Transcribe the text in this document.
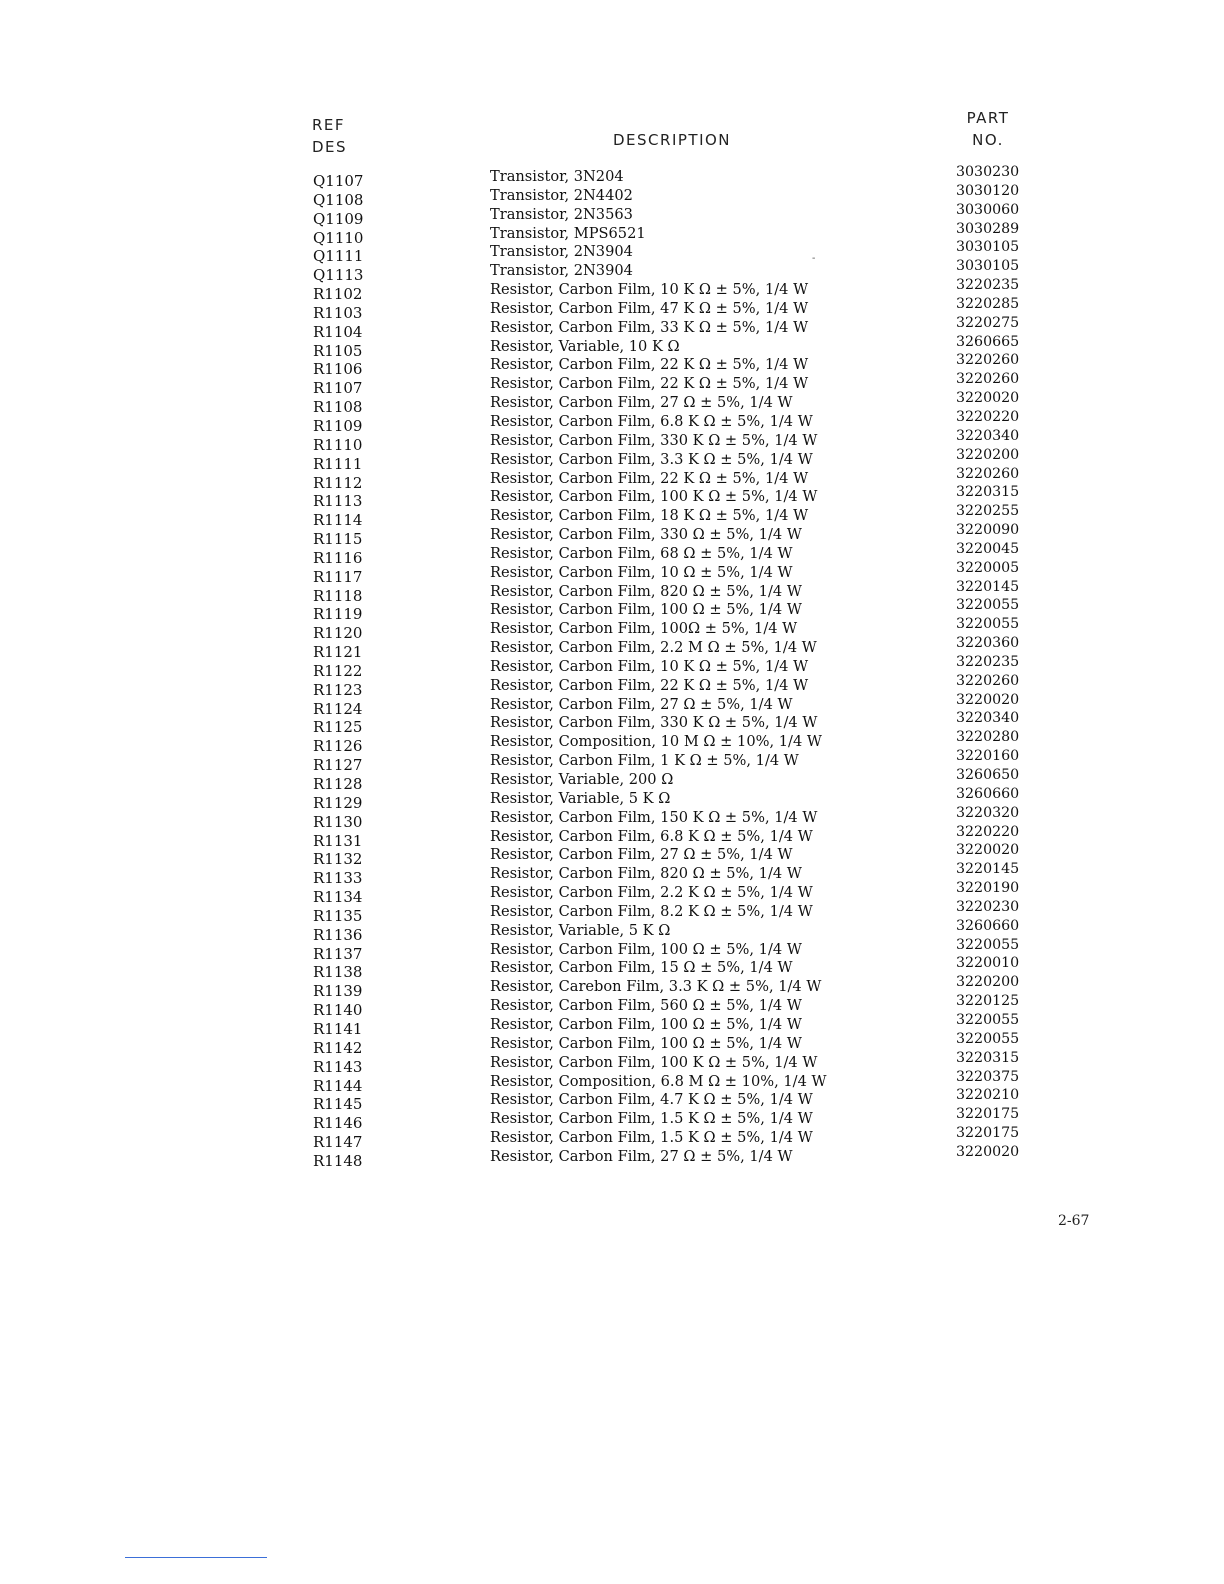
REF
DES	DESCRIPTION
PART
NO.
-
Q1107	Transistor, 3N204	3030230
Q1108	Transistor, 2N4402	3030120
Q1109	Transistor, 2N3563	3030060
Q1110	Transistor, MPS6521	3030289
Q1111	Transistor, 2N3904	3030105
Q1113	Transistor, 2N3904	3030105
R1102	Resistor, Carbon Film, 10 K Ω ± 5%, 1/4 W	3220235
R1103	Resistor, Carbon Film, 47 K Ω ± 5%, 1/4 W	3220285
R1104	Resistor, Carbon Film, 33 K Ω ± 5%, 1/4 W	3220275
R1105	Resistor, Variable, 10 K Ω	3260665
R1106	Resistor, Carbon Film, 22 K Ω ± 5%, 1/4 W	3220260
R1107	Resistor, Carbon Film, 22 K Ω ± 5%, 1/4 W	3220260
R1108	Resistor, Carbon Film, 27 Ω ± 5%, 1/4 W	3220020
R1109	Resistor, Carbon Film, 6.8 K Ω ± 5%, 1/4 W	3220220
R1110	Resistor, Carbon Film, 330 K Ω ± 5%, 1/4 W	3220340
R1111	Resistor, Carbon Film, 3.3 K Ω ± 5%, 1/4 W	3220200
R1112	Resistor, Carbon Film, 22 K Ω ± 5%, 1/4 W	3220260
R1113	Resistor, Carbon Film, 100 K Ω ± 5%, 1/4 W	3220315
R1114	Resistor, Carbon Film, 18 K Ω ± 5%, 1/4 W	3220255
R1115	Resistor, Carbon Film, 330 Ω ± 5%, 1/4 W	3220090
R1116	Resistor, Carbon Film, 68 Ω ± 5%, 1/4 W	3220045
R1117	Resistor, Carbon Film, 10 Ω ± 5%, 1/4 W	3220005
R1118	Resistor, Carbon Film, 820 Ω ± 5%, 1/4 W	3220145
R1119	Resistor, Carbon Film, 100 Ω ± 5%, 1/4 W	3220055
R1120	Resistor, Carbon Film, 100Ω ± 5%, 1/4 W	3220055
R1121	Resistor, Carbon Film, 2.2 M Ω ± 5%, 1/4 W	3220360
R1122	Resistor, Carbon Film, 10 K Ω ± 5%, 1/4 W	3220235
R1123	Resistor, Carbon Film, 22 K Ω ± 5%, 1/4 W	3220260
R1124	Resistor, Carbon Film, 27 Ω ± 5%, 1/4 W	3220020
R1125	Resistor, Carbon Film, 330 K Ω ± 5%, 1/4 W	3220340
R1126	Resistor, Composition, 10 M Ω ± 10%, 1/4 W	3220280
R1127	Resistor, Carbon Film, 1 K Ω ± 5%, 1/4 W	3220160
R1128	Resistor, Variable, 200 Ω	3260650
R1129	Resistor, Variable, 5 K Ω	3260660
R1130	Resistor, Carbon Film, 150 K Ω ± 5%, 1/4 W	3220320
R1131	Resistor, Carbon Film, 6.8 K Ω ± 5%, 1/4 W	3220220
R1132	Resistor, Carbon Film, 27 Ω ± 5%, 1/4 W	3220020
R1133	Resistor, Carbon Film, 820 Ω ± 5%, 1/4 W	3220145
R1134	Resistor, Carbon Film, 2.2 K Ω ± 5%, 1/4 W	3220190
R1135	Resistor, Carbon Film, 8.2 K Ω ± 5%, 1/4 W	3220230
R1136	Resistor, Variable, 5 K Ω	3260660
R1137	Resistor, Carbon Film, 100 Ω ± 5%, 1/4 W	3220055
R1138	Resistor, Carbon Film, 15 Ω ± 5%, 1/4 W	3220010
R1139	Resistor, Carebon Film, 3.3 K Ω ± 5%, 1/4 W	3220200
R1140	Resistor, Carbon Film, 560 Ω ± 5%, 1/4 W	3220125
R1141	Resistor, Carbon Film, 100 Ω ± 5%, 1/4 W	3220055
R1142	Resistor, Carbon Film, 100 Ω ± 5%, 1/4 W	3220055
R1143	Resistor, Carbon Film, 100 K Ω ± 5%, 1/4 W	3220315
R1144	Resistor, Composition, 6.8 M Ω ± 10%, 1/4 W	3220375
R1145	Resistor, Carbon Film, 4.7 K Ω ± 5%, 1/4 W	3220210
R1146	Resistor, Carbon Film, 1.5 K Ω ± 5%, 1/4 W	3220175
R1147	Resistor, Carbon Film, 1.5 K Ω ± 5%, 1/4 W	3220175
R1148	Resistor, Carbon Film, 27 Ω ± 5%, 1/4 W	3220020
2-67
